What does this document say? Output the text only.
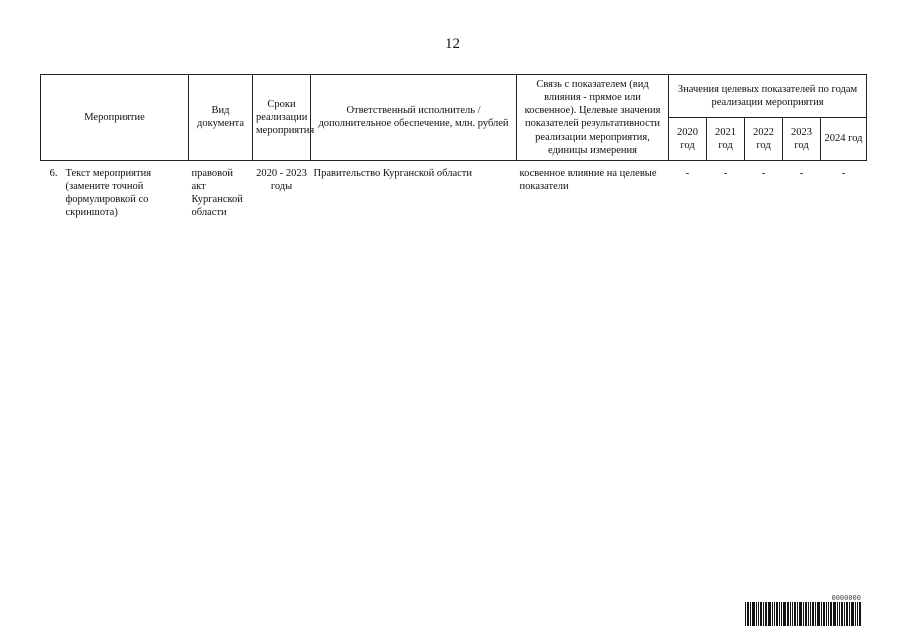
12
Мероприятие		Вид документа	Сроки реализации мероприятия	Ответственный исполнитель / дополнительное обеспечение, млн. рублей	Связь с показателем (вид влияния - прямое или косвенное). Целевые значения показателей результативности реализации мероприятия, единицы измерения	Значения целевых показателей по годам реализации мероприятия				
						2020 год	2021 год	2022 год	2023 год	2024 год
6.	Текст мероприятия (замените точной формулировкой со скриншота)	правовой акт Курганской области	2020 - 2023 годы	Правительство Курганской области	косвенное влияние на целевые показатели	-	-	-	-	-
0000000
